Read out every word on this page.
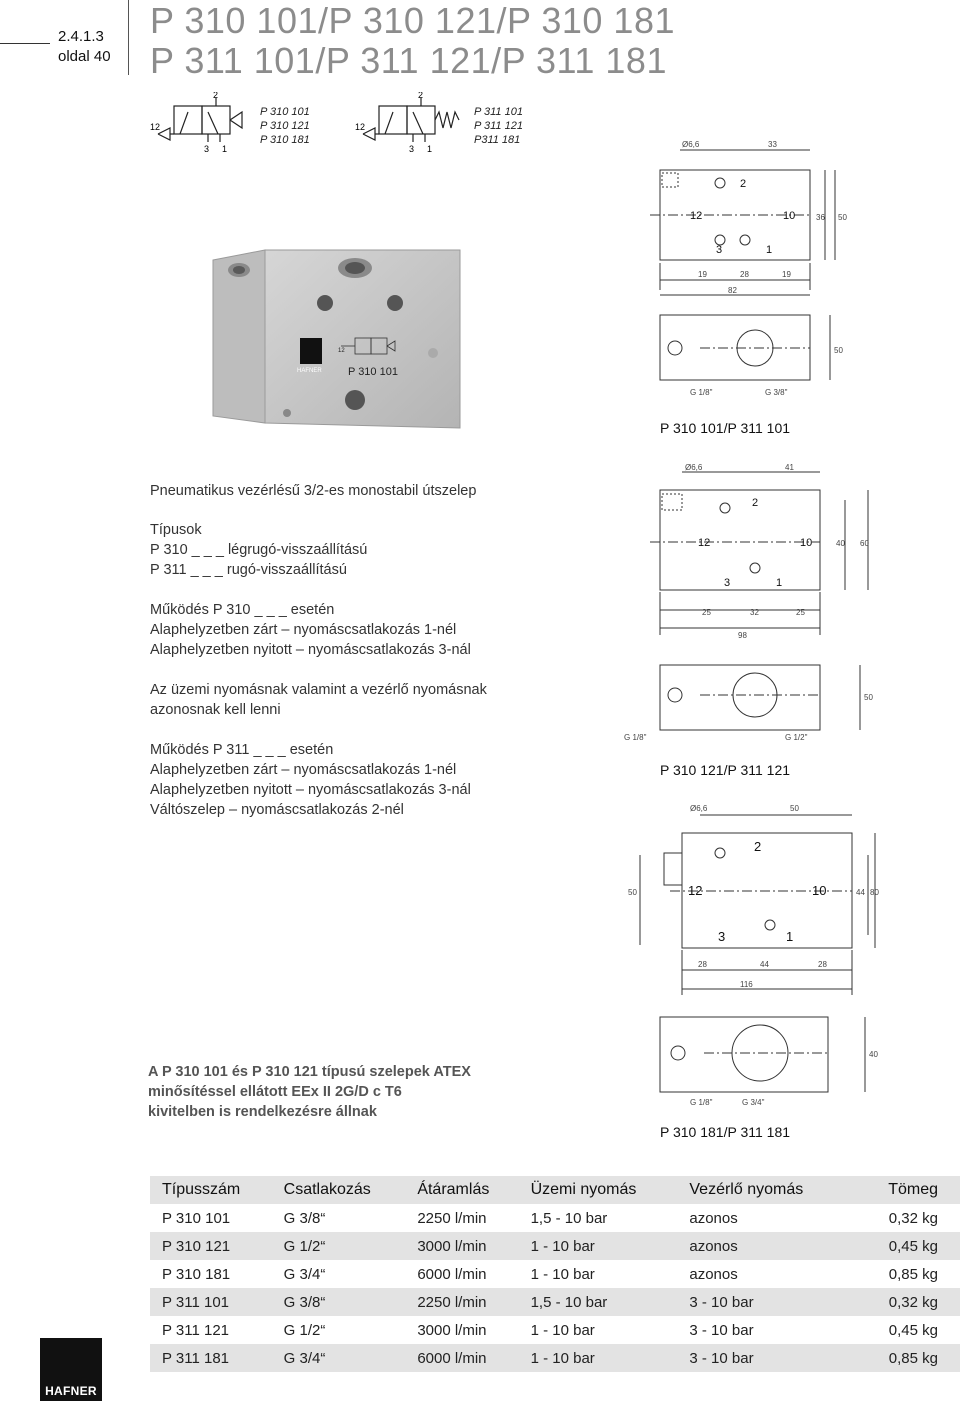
2.4.1.3
oldal 40
P 310 101/P 310 121/P 310 181
P 311 101/P 311 121/P 311 181
12
2
3 1
P 310 101
P 310 121
P 310 181
12
2
3 1
P 311 101
P 311 121
P311 181
HAFNER
12
P 310 101
Ø6,6	33
2
12	10
3	1
36 50
19	28	19
82
50
G 1/8"	G 3/8"
P 310 101/P 311 101
Ø6,6	41
2
12	10
3	1
40 60
25	32	25
98
50
G 1/8"	G 1/2"
P 310 121/P 311 121
Ø6,6	50
50
2
12	10
3	1
44 80
28	44	28
116
40
G 1/8"	G 3/4"
P 310 181/P 311 181
Pneumatikus vezérlésű 3/2-es monostabil útszelep
Típusok
P 310 _ _ _ légrugó-visszaállítású
P 311 _ _ _ rugó-visszaállítású
Működés P 310 _ _ _ esetén
Alaphelyzetben zárt – nyomáscsatlakozás 1-nél
Alaphelyzetben nyitott – nyomáscsatlakozás 3-nál
Az üzemi nyomásnak valamint a vezérlő nyomásnak
azonosnak kell lenni
Működés P 311 _ _ _ esetén
Alaphelyzetben zárt – nyomáscsatlakozás 1-nél
Alaphelyzetben nyitott – nyomáscsatlakozás 3-nál
Váltószelep – nyomáscsatlakozás 2-nél
A P 310 101 és P 310 121 típusú szelepek ATEX
minősítéssel ellátott EEx II 2G/D c T6
kivitelben is rendelkezésre állnak
Típusszám	Csatlakozás	Átáramlás	Üzemi nyomás	Vezérlő nyomás	Tömeg
P 310 101	G 3/8“	2250 l/min	1,5 - 10 bar	azonos	0,32 kg
P 310 121	G 1/2“	3000 l/min	1 - 10 bar	azonos	0,45 kg
P 310 181	G 3/4“	6000 l/min	1 - 10 bar	azonos	0,85 kg
P 311 101	G 3/8“	2250 l/min	1,5 - 10 bar	3 - 10 bar	0,32 kg
P 311 121	G 1/2“	3000 l/min	1 - 10 bar	3 - 10 bar	0,45 kg
P 311 181	G 3/4“	6000 l/min	1 - 10 bar	3 - 10 bar	0,85 kg
HAFNER
